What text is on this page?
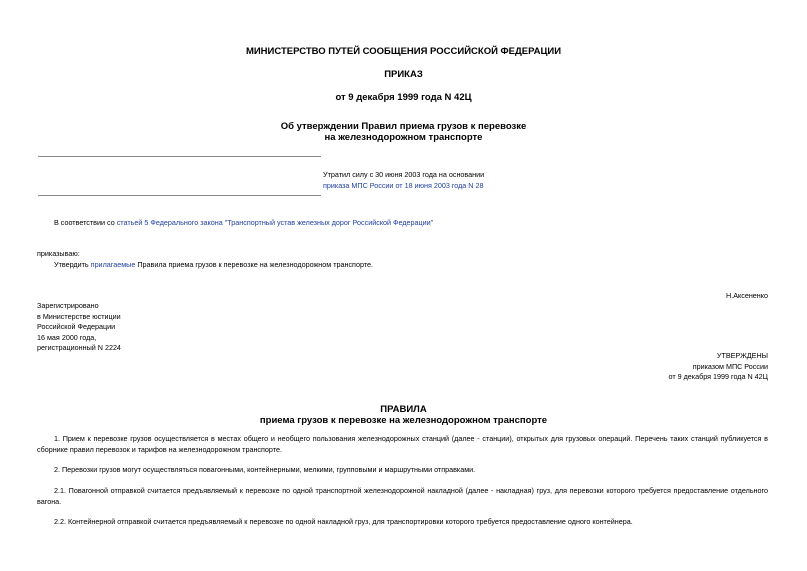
МИНИСТЕРСТВО ПУТЕЙ СООБЩЕНИЯ РОССИЙСКОЙ ФЕДЕРАЦИИ
ПРИКАЗ
от 9 декабря 1999 года N 42Ц
Об утверждении Правил приема грузов к перевозке
на железнодорожном транспорте
Утратил силу с 30 июня 2003 года на основании
приказа МПС России от 18 июня 2003 года N 28
В соответствии со статьей 5 Федерального закона "Транспортный устав железных дорог Российской Федерации"
приказываю:
Утвердить прилагаемые Правила приема грузов к перевозке на железнодорожном транспорте.
Н.Аксененко
Зарегистрировано
в Министерстве юстиции
Российской Федерации
16 мая 2000 года,
регистрационный N 2224
УТВЕРЖДЕНЫ
приказом МПС России
от 9 декабря 1999 года N 42Ц
ПРАВИЛА
приема грузов к перевозке на железнодорожном транспорте
1. Прием к перевозке грузов осуществляется в местах общего и необщего пользования железнодорожных станций (далее - станции), открытых для грузовых операций. Перечень таких станций публикуется в сборнике правил перевозок и тарифов на железнодорожном транспорте.
2. Перевозки грузов могут осуществляться повагонными, контейнерными, мелкими, групповыми и маршрутными отправками.
2.1. Повагонной отправкой считается предъявляемый к перевозке по одной транспортной железнодорожной накладной (далее - накладная) груз, для перевозки которого требуется предоставление отдельного вагона.
2.2. Контейнерной отправкой считается предъявляемый к перевозке по одной накладной груз, для транспортировки которого требуется предоставление одного контейнера.
